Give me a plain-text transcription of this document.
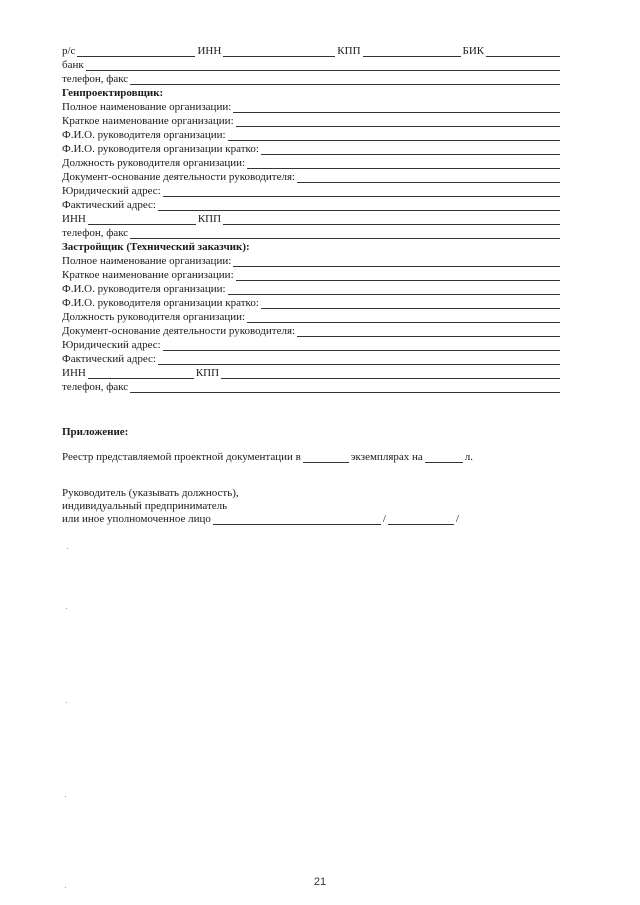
р/с	ИНН	КПП	БИК
банк
телефон, факс
Генпроектировщик:
Полное наименование организации:
Краткое наименование организации:
Ф.И.О. руководителя организации:
Ф.И.О. руководителя организации кратко:
Должность руководителя организации:
Документ-основание деятельности руководителя:
Юридический адрес:
Фактический адрес:
ИНН	КПП
телефон, факс
Застройщик (Технический заказчик):
Полное наименование организации:
Краткое наименование организации:
Ф.И.О. руководителя организации:
Ф.И.О. руководителя организации кратко:
Должность руководителя организации:
Документ-основание деятельности руководителя:
Юридический адрес:
Фактический адрес:
ИНН	КПП
телефон, факс
Приложение:
Реестр представляемой проектной документации в	экземплярах на	л.
Руководитель (указывать должность),
индивидуальный предприниматель
или иное уполномоченное лицо	/	/
21
